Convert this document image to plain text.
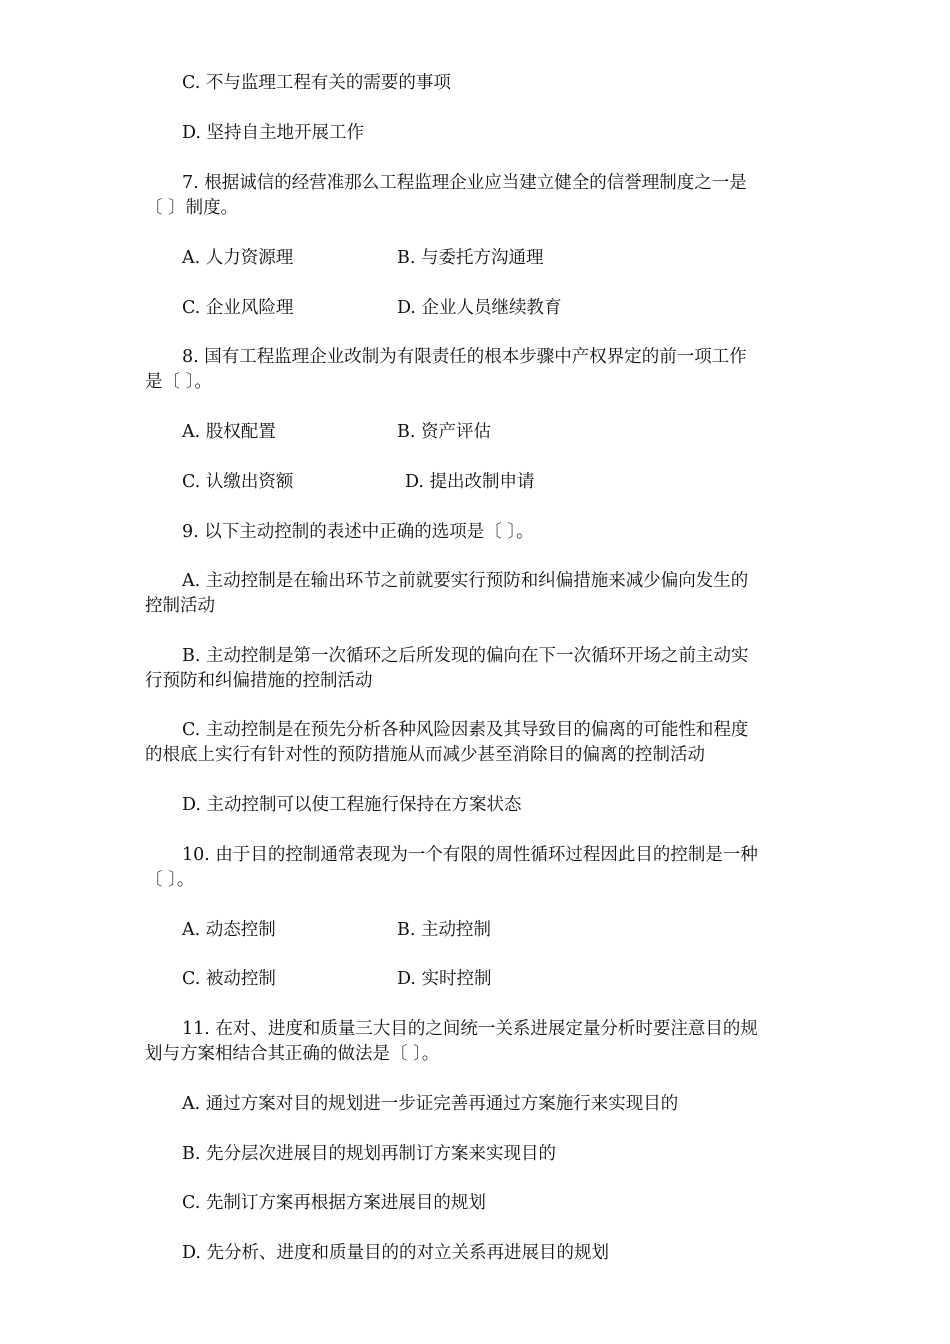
C. 不与监理工程有关的需要的事项
D. 坚持自主地开展工作
7. 根据诚信的经营准那么工程监理企业应当建立健全的信誉理制度之一是
〔 〕制度。
A. 人力资源理	B. 与委托方沟通理
C. 企业风险理	D. 企业人员继续教育
8. 国有工程监理企业改制为有限责任的根本步骤中产权界定的前一项工作
是〔 〕。
A. 股权配置	B. 资产评估
C. 认缴出资额	D. 提出改制申请
9. 以下主动控制的表述中正确的选项是〔 〕。
A. 主动控制是在输出环节之前就要实行预防和纠偏措施来减少偏向发生的
控制活动
B. 主动控制是第一次循环之后所发现的偏向在下一次循环开场之前主动实
行预防和纠偏措施的控制活动
C. 主动控制是在预先分析各种风险因素及其导致目的偏离的可能性和程度
的根底上实行有针对性的预防措施从而减少甚至消除目的偏离的控制活动
D. 主动控制可以使工程施行保持在方案状态
10. 由于目的控制通常表现为一个有限的周性循环过程因此目的控制是一种
〔 〕。
A. 动态控制	B. 主动控制
C. 被动控制	D. 实时控制
11. 在对、进度和质量三大目的之间统一关系进展定量分析时要注意目的规
划与方案相结合其正确的做法是〔 〕。
A. 通过方案对目的规划进一步证完善再通过方案施行来实现目的
B. 先分层次进展目的规划再制订方案来实现目的
C. 先制订方案再根据方案进展目的规划
D. 先分析、进度和质量目的的对立关系再进展目的规划
